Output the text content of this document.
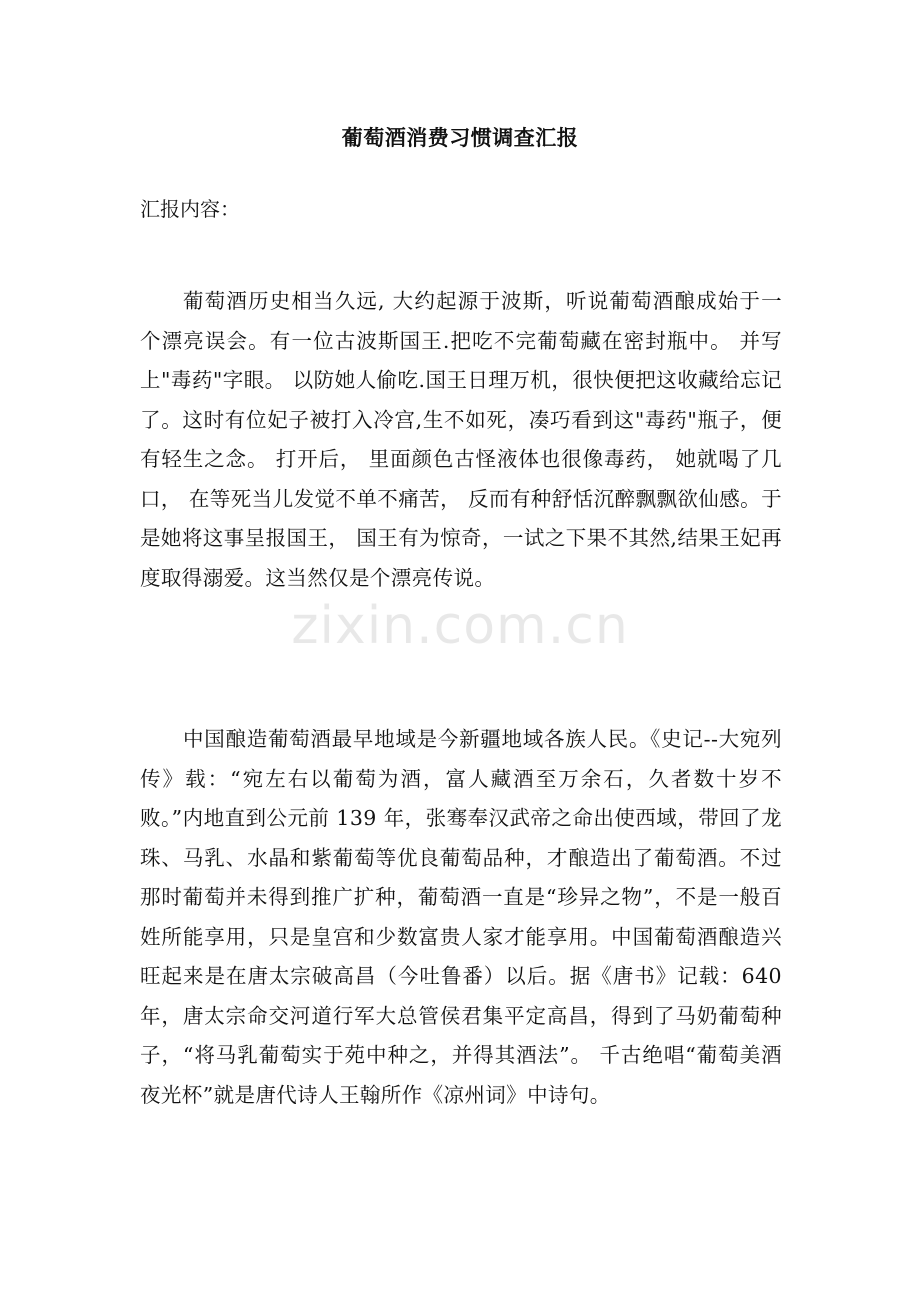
葡萄酒消费习惯调查汇报

汇报内容：

葡萄酒历史相当久远, 大约起源于波斯，听说葡萄酒酿成始于一个漂亮误会。有一位古波斯国王.把吃不完葡萄藏在密封瓶中。 并写上"毒药"字眼。 以防她人偷吃.国王日理万机，很快便把这收藏给忘记了。这时有位妃子被打入冷宫,生不如死，凑巧看到这"毒药"瓶子，便有轻生之念。 打开后， 里面颜色古怪液体也很像毒药， 她就喝了几口， 在等死当儿发觉不单不痛苦， 反而有种舒恬沉醉飘飘欲仙感。于是她将这事呈报国王， 国王有为惊奇，一试之下果不其然,结果王妃再度取得溺爱。这当然仅是个漂亮传说。

zixin.com.cn

中国酿造葡萄酒最早地域是今新疆地域各族人民。《史记--大宛列传》载：“宛左右以葡萄为酒，富人藏酒至万余石，久者数十岁不败。”内地直到公元前 139 年，张骞奉汉武帝之命出使西域，带回了龙珠、马乳、水晶和紫葡萄等优良葡萄品种，才酿造出了葡萄酒。不过那时葡萄并未得到推广扩种，葡萄酒一直是“珍异之物”，不是一般百姓所能享用，只是皇宫和少数富贵人家才能享用。中国葡萄酒酿造兴旺起来是在唐太宗破高昌（今吐鲁番）以后。据《唐书》记载：640 年，唐太宗命交河道行军大总管侯君集平定高昌，得到了马奶葡萄种子，“将马乳葡萄实于苑中种之，并得其酒法”。 千古绝唱“葡萄美酒夜光杯”就是唐代诗人王翰所作《凉州词》中诗句。
